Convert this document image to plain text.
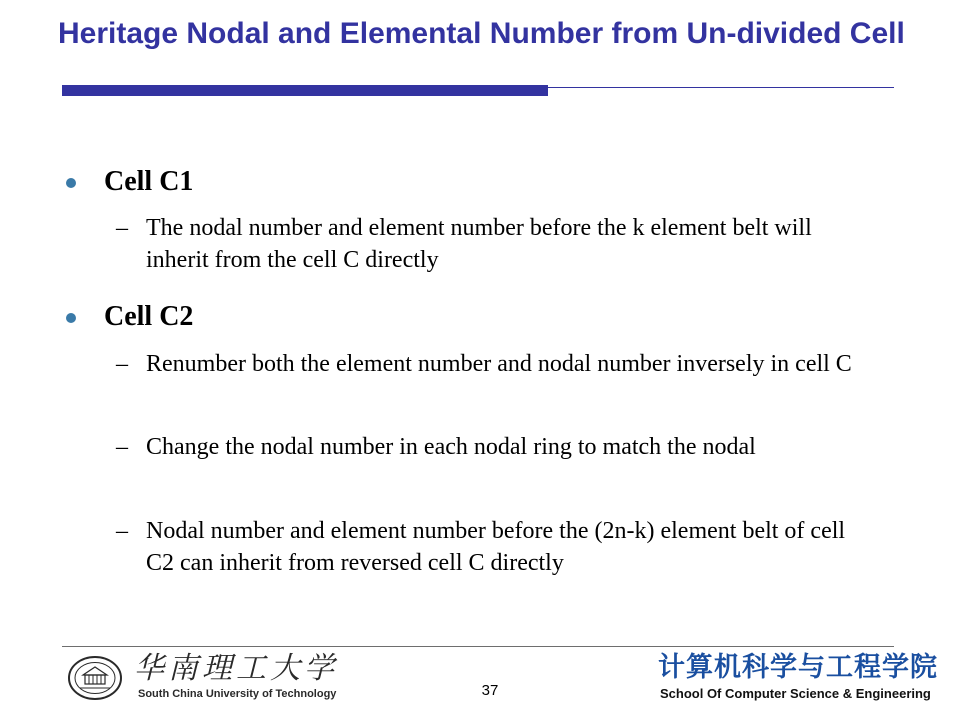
Heritage Nodal and Elemental Number from Un-divided Cell
Cell C1
– The nodal number and element number before the k element belt will inherit from the cell C directly
Cell C2
– Renumber both the element number and nodal number inversely in cell C
– Change the nodal number in each nodal ring to match the nodal
– Nodal number and element number before the (2n-k) element belt of cell C2 can inherit from reversed cell C directly
华南理工大学
South China University of Technology	37
计算机科学与工程学院
School Of Computer Science & Engineering
